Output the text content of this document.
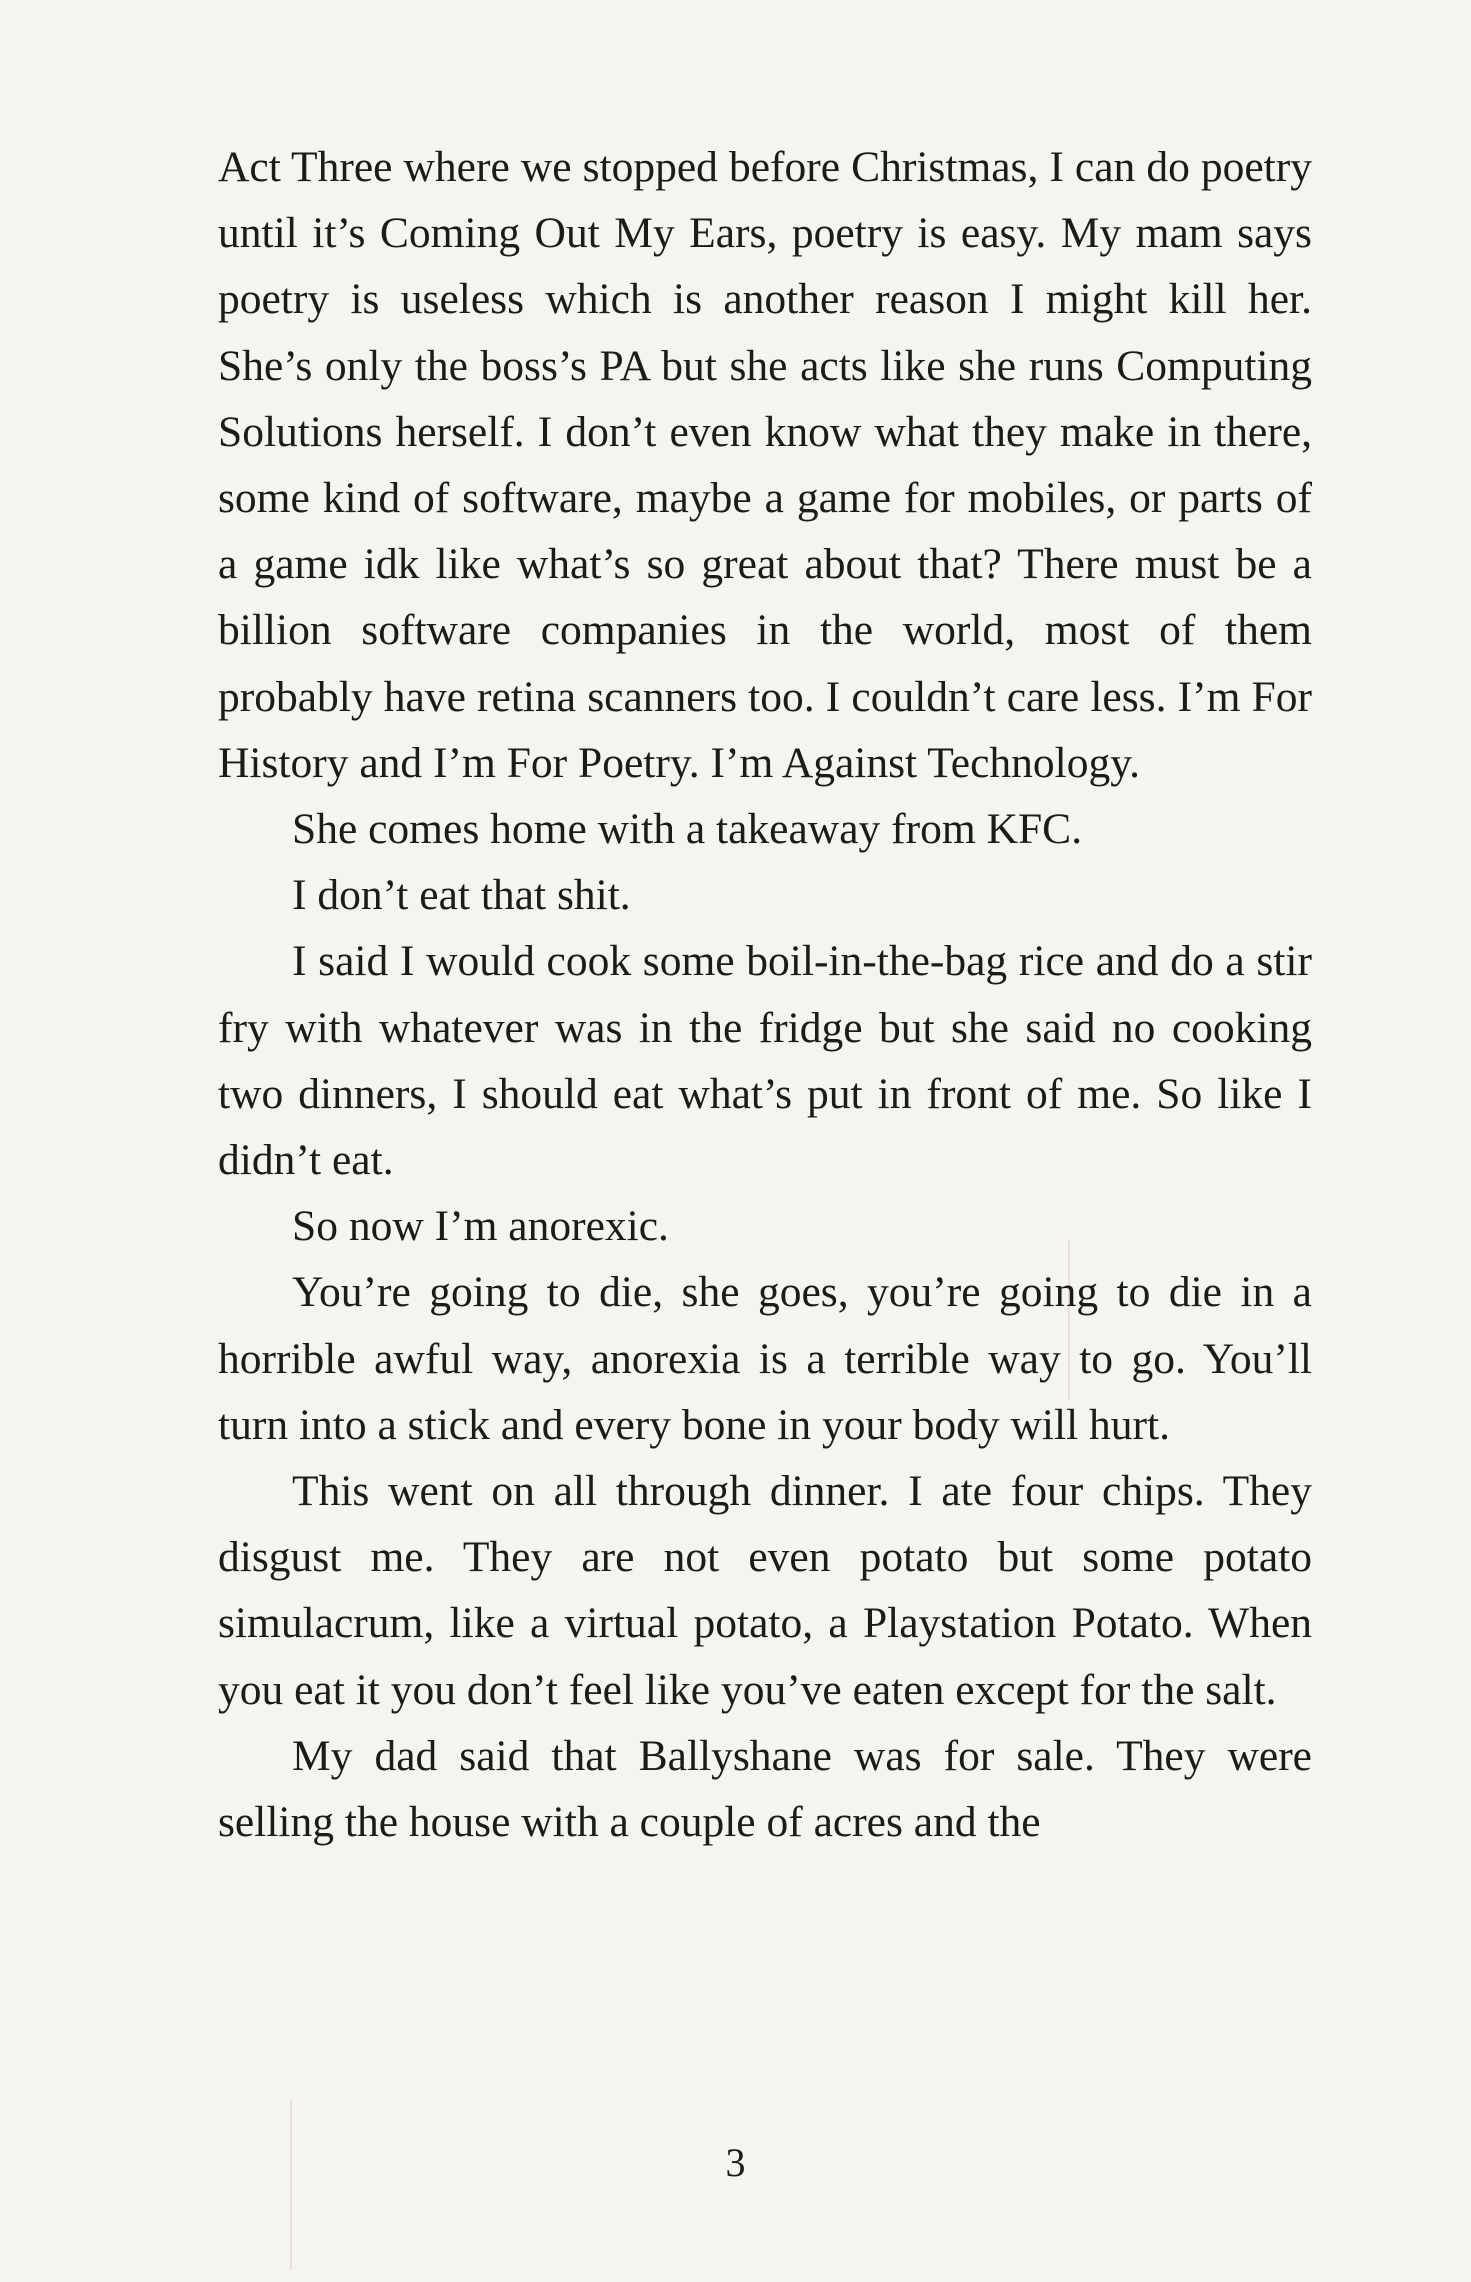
Act Three where we stopped before Christmas, I can do poetry until it’s Coming Out My Ears, poetry is easy. My mam says poetry is useless which is another reason I might kill her. She’s only the boss’s PA but she acts like she runs Computing Solutions herself. I don’t even know what they make in there, some kind of software, maybe a game for mobiles, or parts of a game idk like what’s so great about that? There must be a billion software companies in the world, most of them probably have retina scanners too. I couldn’t care less. I’m For History and I’m For Poetry. I’m Against Technology.

She comes home with a takeaway from KFC.

I don’t eat that shit.

I said I would cook some boil-in-the-bag rice and do a stir fry with whatever was in the fridge but she said no cooking two dinners, I should eat what’s put in front of me. So like I didn’t eat.

So now I’m anorexic.

You’re going to die, she goes, you’re going to die in a horrible awful way, anorexia is a terrible way to go. You’ll turn into a stick and every bone in your body will hurt.

This went on all through dinner. I ate four chips. They disgust me. They are not even potato but some potato simulacrum, like a virtual potato, a Playstation Potato. When you eat it you don’t feel like you’ve eaten except for the salt.

My dad said that Ballyshane was for sale. They were selling the house with a couple of acres and the

3
